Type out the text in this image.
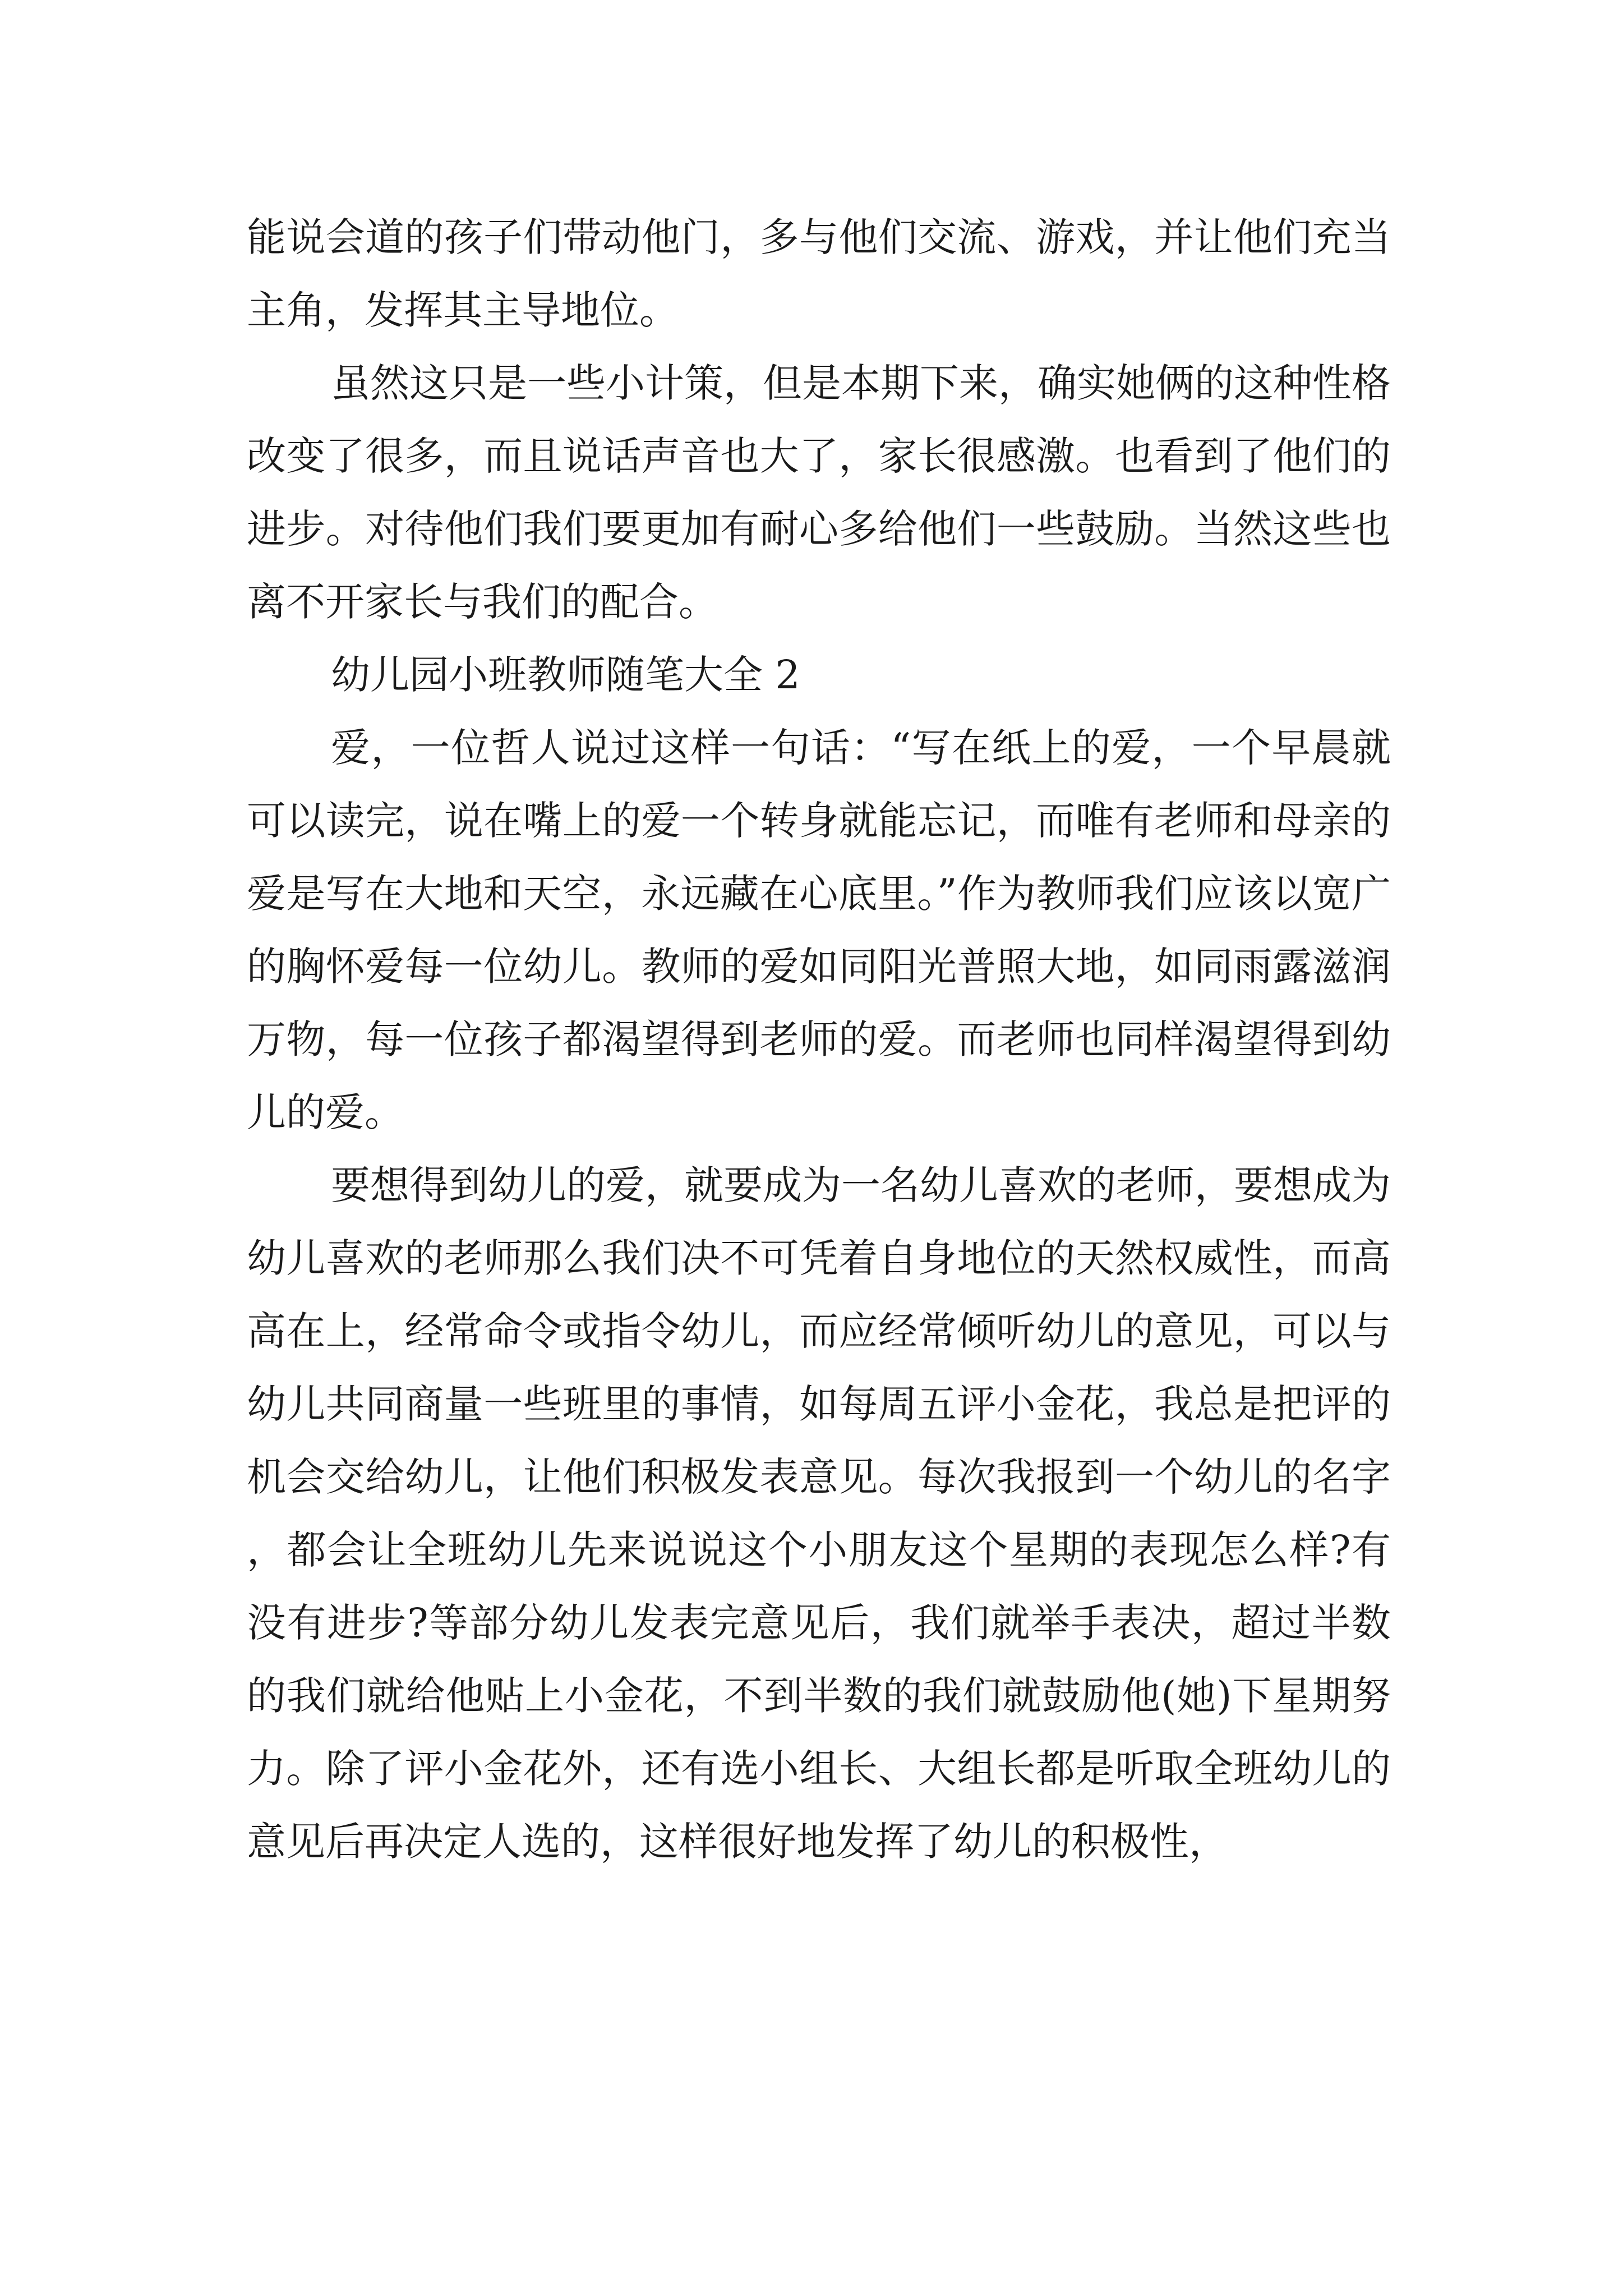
能说会道的孩子们带动他门，多与他们交流、游戏，并让他们充当主角，发挥其主导地位。

虽然这只是一些小计策，但是本期下来，确实她俩的这种性格改变了很多，而且说话声音也大了，家长很感激。也看到了他们的进步。对待他们我们要更加有耐心多给他们一些鼓励。当然这些也离不开家长与我们的配合。

幼儿园小班教师随笔大全 2

爱，一位哲人说过这样一句话：“写在纸上的爱，一个早晨就可以读完，说在嘴上的爱一个转身就能忘记，而唯有老师和母亲的爱是写在大地和天空，永远藏在心底里。”作为教师我们应该以宽广的胸怀爱每一位幼儿。教师的爱如同阳光普照大地，如同雨露滋润万物，每一位孩子都渴望得到老师的爱。而老师也同样渴望得到幼儿的爱。

要想得到幼儿的爱，就要成为一名幼儿喜欢的老师，要想成为幼儿喜欢的老师那么我们决不可凭着自身地位的天然权威性，而高高在上，经常命令或指令幼儿，而应经常倾听幼儿的意见，可以与幼儿共同商量一些班里的事情，如每周五评小金花，我总是把评的机会交给幼儿，让他们积极发表意见。每次我报到一个幼儿的名字，都会让全班幼儿先来说说这个小朋友这个星期的表现怎么样?有没有进步?等部分幼儿发表完意见后，我们就举手表决，超过半数的我们就给他贴上小金花，不到半数的我们就鼓励他(她)下星期努力。除了评小金花外，还有选小组长、大组长都是听取全班幼儿的意见后再决定人选的，这样很好地发挥了幼儿的积极性，
